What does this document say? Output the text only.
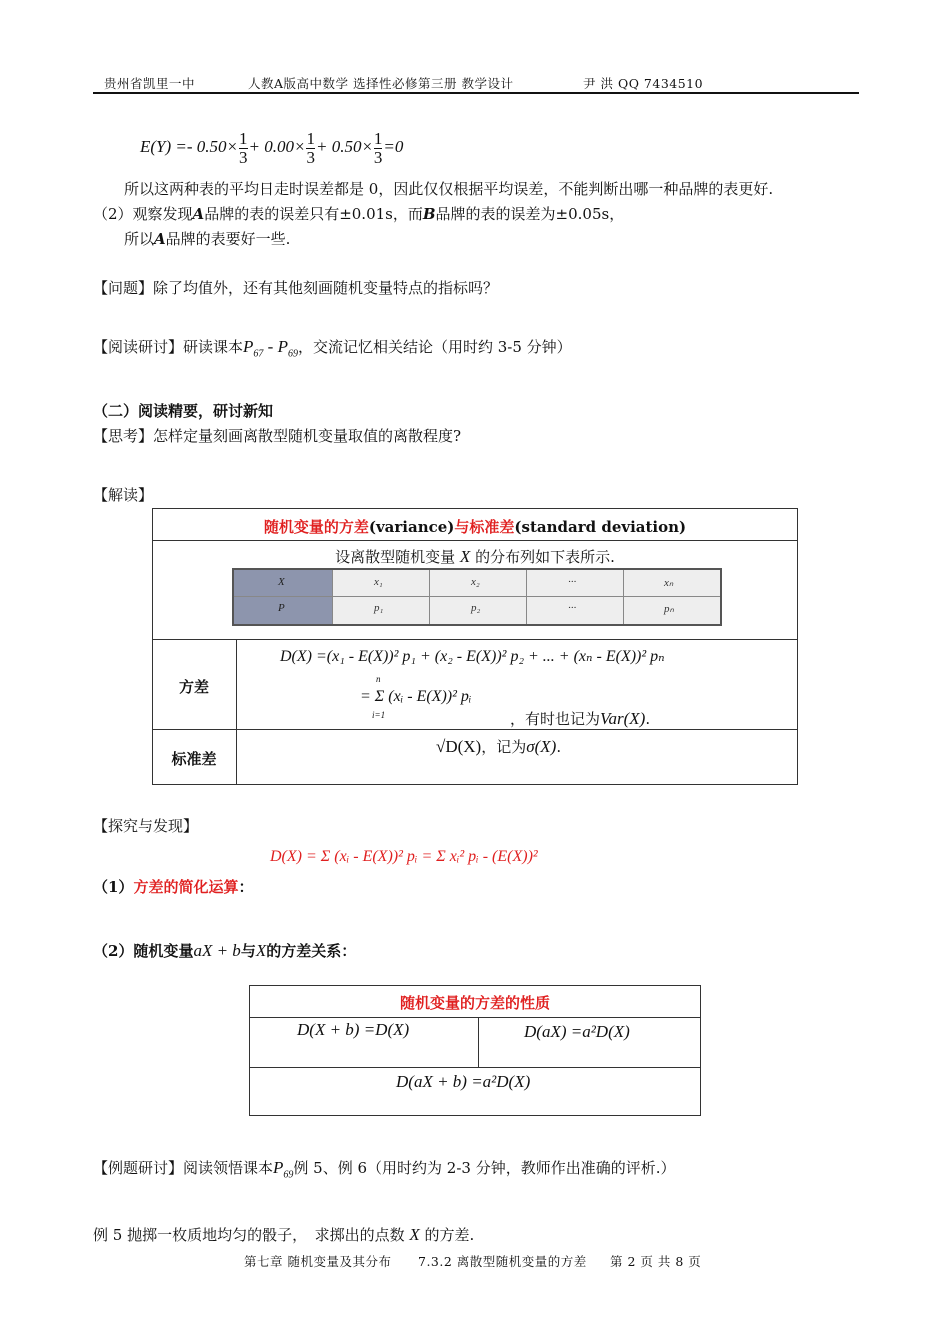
贵州省凯里一中	人教A版高中数学 选择性必修第三册 教学设计	尹 洪 QQ 7434510
$E(Y) =- 0.50\times \frac{1}{3} + 0.00\times \frac{1}{3} + 0.50\times \frac{1}{3} =0$
所以这两种表的平均日走时误差都是 0，因此仅仅根据平均误差，不能判断出哪一种品牌的表更好.
（2）观察发现A品牌的表的误差只有±0.01s，而B品牌的表的误差为±0.05s，
所以A品牌的表要好一些.
【问题】除了均值外，还有其他刻画随机变量特点的指标吗？
【阅读研讨】研读课本$P_{67} - P_{69}$，交流记忆相关结论（用时约 3-5 分钟）
（二）阅读精要，研讨新知
【思考】怎样定量刻画离散型随机变量取值的离散程度?
【解读】
随机变量的方差(variance)与标准差(standard deviation)
设离散型随机变量 X 的分布列如下表所示.
X	x₁	x₂	···	xₙ
P	p₁	p₂	···	pₙ
方差
D(X) =(x₁ - E(X))² p₁ + (x₂ - E(X))² p₂ + ... + (xₙ - E(X))² pₙ
= Σ (xᵢ - E(X))² pᵢ
n
i=1	，有时也记为Var(X).
标准差
√D(X)，记为σ(X).
【探究与发现】
D(X) = Σ (xᵢ - E(X))² pᵢ = Σ xᵢ² pᵢ - (E(X))²
（1）方差的简化运算：
（2）随机变量aX + b与X的方差关系：
随机变量的方差的性质
D(X + b) =D(X)	D(aX) =a²D(X)
D(aX + b) =a²D(X)
【例题研讨】阅读领悟课本$P_{69}$例 5、例 6（用时约为 2-3 分钟，教师作出准确的评析.）
例 5 抛掷一枚质地均匀的骰子，　求掷出的点数 X 的方差.
第七章 随机变量及其分布 7.3.2 离散型随机变量的方差 第 2 页 共 8 页
